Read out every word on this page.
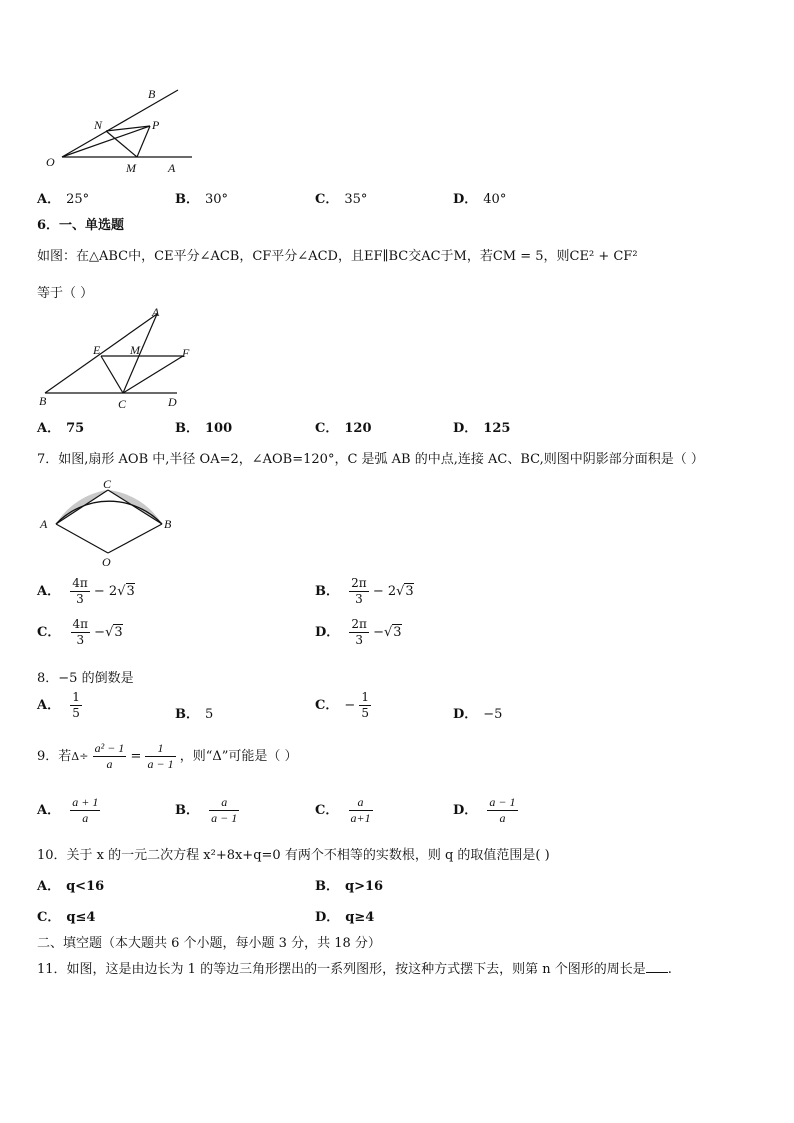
B
N	P
O	M	A
A． 25°	B． 30°	C． 35°	D． 40°
6．一、单选题
如图：在△ABC中，CE平分∠ACB，CF平分∠ACD，且EF∥BC交AC于M，若CM = 5，则CE² + CF²
等于（ ）
A
E M	F
B	C	D
A． 75	B． 100	C． 120	D． 125
7．如图,扇形 AOB 中,半径 OA=2，∠AOB=120°，C 是弧 AB 的中点,连接 AC、BC,则图中阴影部分面积是（ ）
C
A	B
O
A． $\frac{4\pi}{3} - 2√3$	B． $\frac{2\pi}{3} - 2√3$
C． $\frac{4\pi}{3} -√3$	D． $\frac{2\pi}{3} -√3$
8．−5 的倒数是
A． $\frac{1}{5}$	B． 5
C． − $\frac{1}{5}$	D． −5
9．若$\Delta\div \frac{\text{a² − 1}}{a} = \frac{1}{a - 1}$ ，则“Δ”可能是（ ）
A． $\frac{a + 1}{a}$	B． $\frac{a}{a - 1}$	C． $\frac{a}{a+1}$	D． $\frac{a - 1}{a}$
10．关于 x 的一元二次方程 x²+8x+q=0 有两个不相等的实数根，则 q 的取值范围是( )
A． q<16	B． q>16
C． q≤4	D． q≥4
二、填空题（本大题共 6 个小题，每小题 3 分，共 18 分）
11．如图，这是由边长为 1 的等边三角形摆出的一系列图形，按这种方式摆下去，则第 n 个图形的周长是 .
